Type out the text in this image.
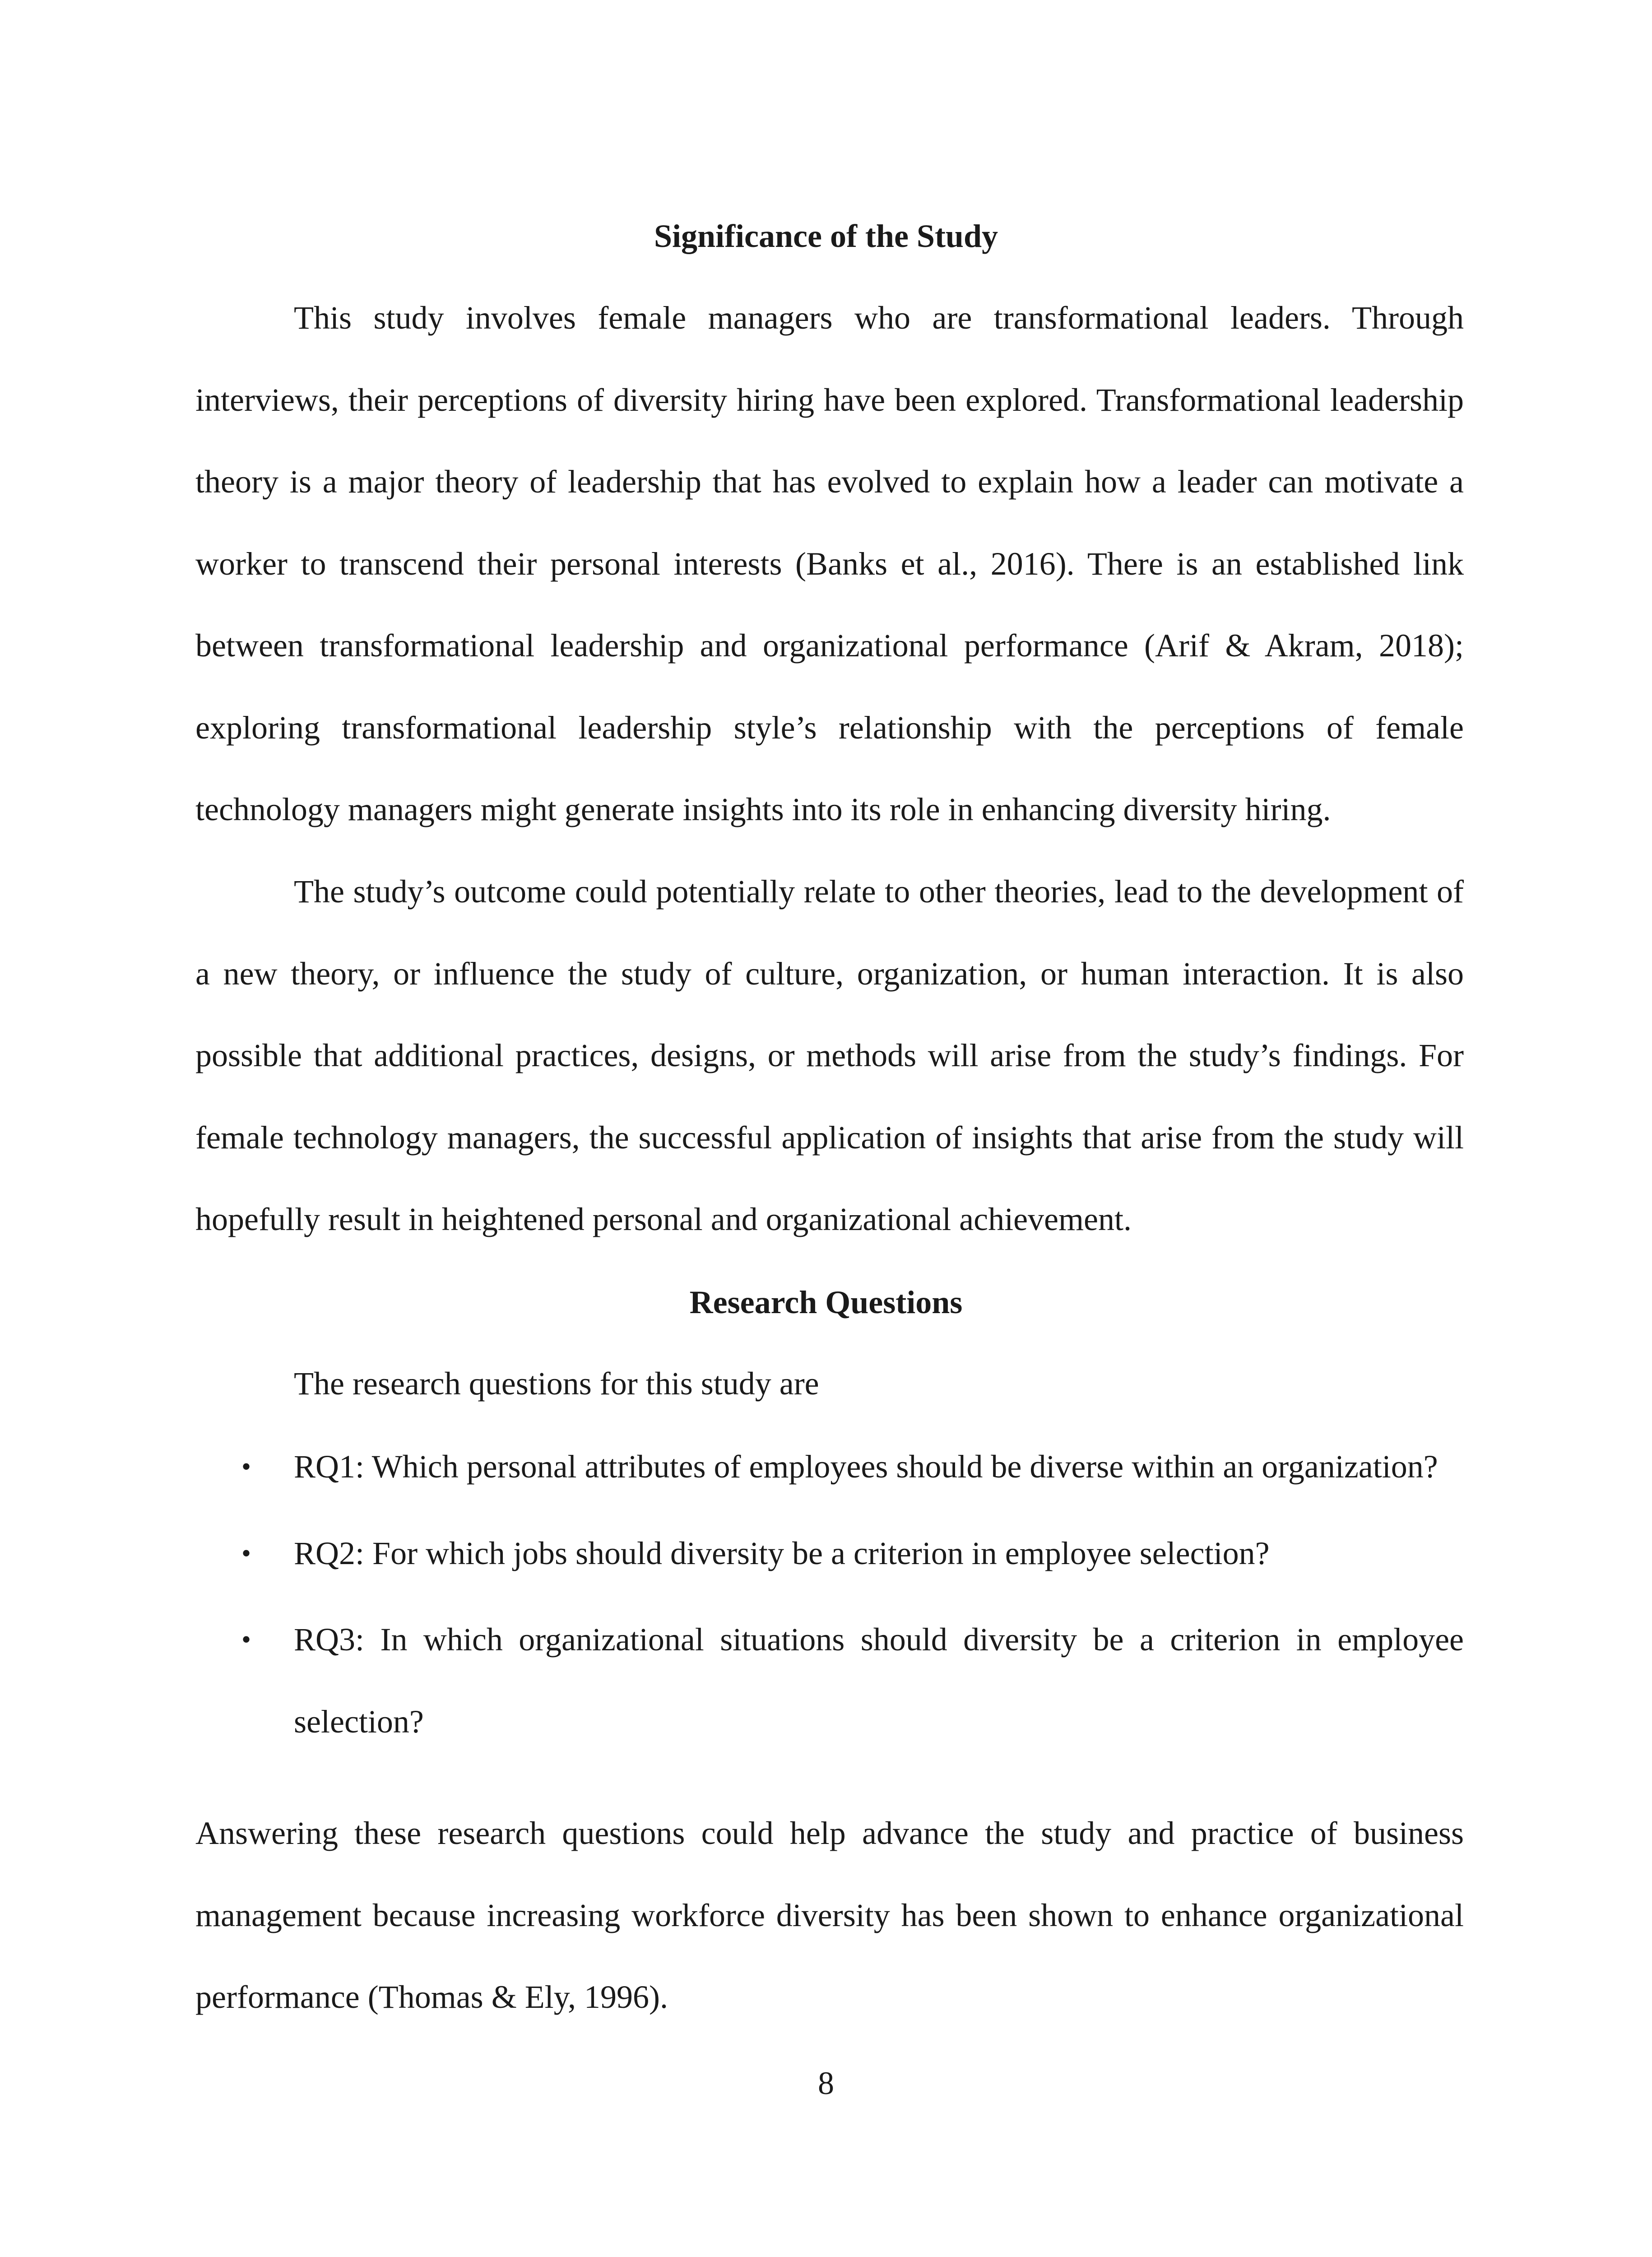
Significance of the Study

This study involves female managers who are transformational leaders. Through interviews, their perceptions of diversity hiring have been explored. Transformational leadership theory is a major theory of leadership that has evolved to explain how a leader can motivate a worker to transcend their personal interests (Banks et al., 2016). There is an established link between transformational leadership and organizational performance (Arif & Akram, 2018); exploring transformational leadership style’s relationship with the perceptions of female technology managers might generate insights into its role in enhancing diversity hiring.

The study’s outcome could potentially relate to other theories, lead to the development of a new theory, or influence the study of culture, organization, or human interaction. It is also possible that additional practices, designs, or methods will arise from the study’s findings. For female technology managers, the successful application of insights that arise from the study will hopefully result in heightened personal and organizational achievement.

Research Questions

The research questions for this study are

• RQ1: Which personal attributes of employees should be diverse within an organization?
• RQ2: For which jobs should diversity be a criterion in employee selection?
• RQ3: In which organizational situations should diversity be a criterion in employee selection?

Answering these research questions could help advance the study and practice of business management because increasing workforce diversity has been shown to enhance organizational performance (Thomas & Ely, 1996).

8
